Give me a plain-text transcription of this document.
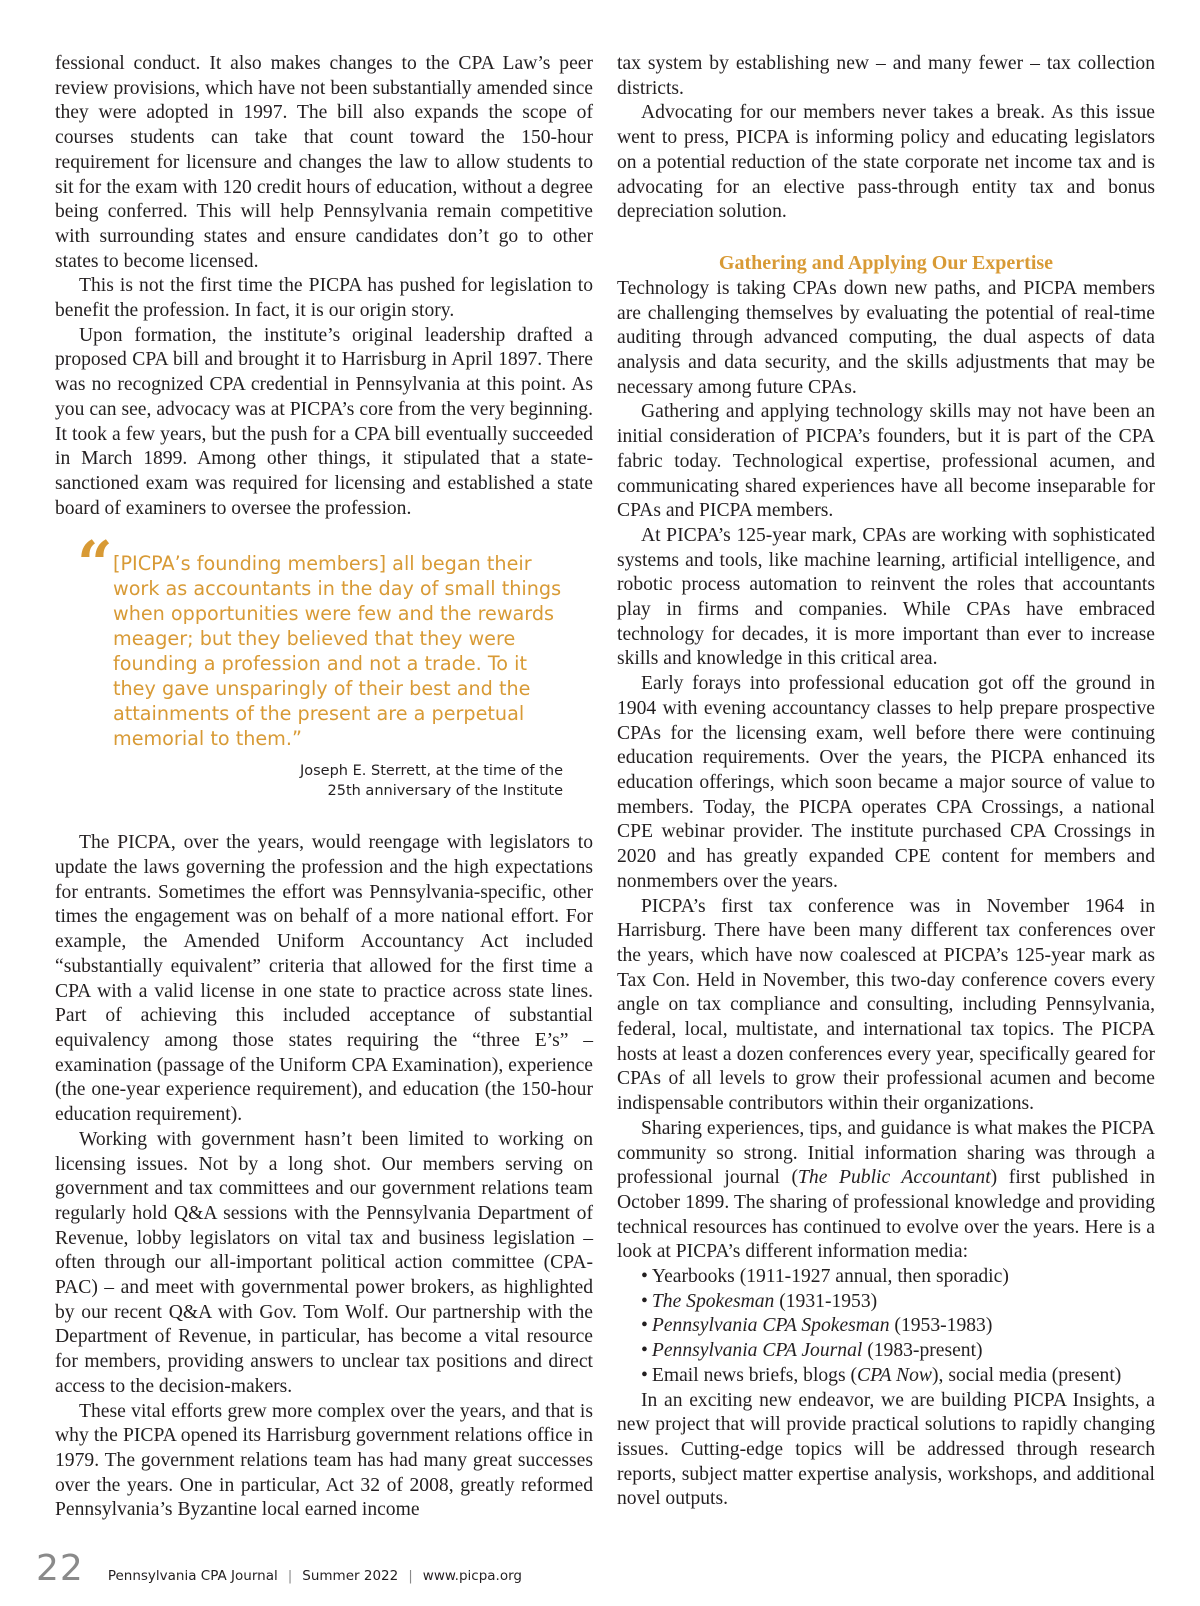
fessional conduct. It also makes changes to the CPA Law’s peer review provisions, which have not been substantially amended since they were adopted in 1997. The bill also expands the scope of courses students can take that count toward the 150-hour requirement for licensure and changes the law to allow students to sit for the exam with 120 credit hours of education, without a degree being conferred. This will help Pennsylvania remain competitive with surrounding states and ensure candidates don’t go to other states to become licensed.

This is not the first time the PICPA has pushed for legislation to benefit the profession. In fact, it is our origin story.

Upon formation, the institute’s original leadership drafted a proposed CPA bill and brought it to Harrisburg in April 1897. There was no recognized CPA credential in Pennsylvania at this point. As you can see, advocacy was at PICPA’s core from the very beginning. It took a few years, but the push for a CPA bill eventually succeeded in March 1899. Among other things, it stipulated that a state-sanctioned exam was required for licensing and established a state board of examiners to oversee the profession.

“ [PICPA’s founding members] all began their work as accountants in the day of small things when opportunities were few and the rewards meager; but they believed that they were founding a profession and not a trade. To it they gave unsparingly of their best and the attainments of the present are a perpetual memorial to them.”

Joseph E. Sterrett, at the time of the
25th anniversary of the Institute

The PICPA, over the years, would reengage with legislators to update the laws governing the profession and the high expectations for entrants. Sometimes the effort was Pennsylvania-specific, other times the engagement was on behalf of a more national effort. For example, the Amended Uniform Accountancy Act included “substantially equivalent” criteria that allowed for the first time a CPA with a valid license in one state to practice across state lines. Part of achieving this included acceptance of substantial equivalency among those states requiring the “three E’s” – examination (passage of the Uniform CPA Examination), experience (the one-year experience requirement), and education (the 150-hour education requirement).

Working with government hasn’t been limited to working on licensing issues. Not by a long shot. Our members serving on government and tax committees and our government relations team regularly hold Q&A sessions with the Pennsylvania Department of Revenue, lobby legislators on vital tax and business legislation – often through our all-important political action committee (CPA-PAC) – and meet with governmental power brokers, as highlighted by our recent Q&A with Gov. Tom Wolf. Our partnership with the Department of Revenue, in particular, has become a vital resource for members, providing answers to unclear tax positions and direct access to the decision-makers.

These vital efforts grew more complex over the years, and that is why the PICPA opened its Harrisburg government relations office in 1979. The government relations team has had many great successes over the years. One in particular, Act 32 of 2008, greatly reformed Pennsylvania’s Byzantine local earned income

tax system by establishing new – and many fewer – tax collection districts.

Advocating for our members never takes a break. As this issue went to press, PICPA is informing policy and educating legislators on a potential reduction of the state corporate net income tax and is advocating for an elective pass-through entity tax and bonus depreciation solution.

Gathering and Applying Our Expertise

Technology is taking CPAs down new paths, and PICPA members are challenging themselves by evaluating the potential of real-time auditing through advanced computing, the dual aspects of data analysis and data security, and the skills adjustments that may be necessary among future CPAs.

Gathering and applying technology skills may not have been an initial consideration of PICPA’s founders, but it is part of the CPA fabric today. Technological expertise, professional acumen, and communicating shared experiences have all become inseparable for CPAs and PICPA members.

At PICPA’s 125-year mark, CPAs are working with sophisticated systems and tools, like machine learning, artificial intelligence, and robotic process automation to reinvent the roles that accountants play in firms and companies. While CPAs have embraced technology for decades, it is more important than ever to increase skills and knowledge in this critical area.

Early forays into professional education got off the ground in 1904 with evening accountancy classes to help prepare prospective CPAs for the licensing exam, well before there were continuing education requirements. Over the years, the PICPA enhanced its education offerings, which soon became a major source of value to members. Today, the PICPA operates CPA Crossings, a national CPE webinar provider. The institute purchased CPA Crossings in 2020 and has greatly expanded CPE content for members and nonmembers over the years.

PICPA’s first tax conference was in November 1964 in Harrisburg. There have been many different tax conferences over the years, which have now coalesced at PICPA’s 125-year mark as Tax Con. Held in November, this two-day conference covers every angle on tax compliance and consulting, including Pennsylvania, federal, local, multistate, and international tax topics. The PICPA hosts at least a dozen conferences every year, specifically geared for CPAs of all levels to grow their professional acumen and become indispensable contributors within their organizations.

Sharing experiences, tips, and guidance is what makes the PICPA community so strong. Initial information sharing was through a professional journal (The Public Accountant) first published in October 1899. The sharing of professional knowledge and providing technical resources has continued to evolve over the years. Here is a look at PICPA’s different information media:

• Yearbooks (1911-1927 annual, then sporadic)
• The Spokesman (1931-1953)
• Pennsylvania CPA Spokesman (1953-1983)
• Pennsylvania CPA Journal (1983-present)
• Email news briefs, blogs (CPA Now), social media (present)

In an exciting new endeavor, we are building PICPA Insights, a new project that will provide practical solutions to rapidly changing issues. Cutting-edge topics will be addressed through research reports, subject matter expertise analysis, workshops, and additional novel outputs.

22 Pennsylvania CPA Journal | Summer 2022 | www.picpa.org
